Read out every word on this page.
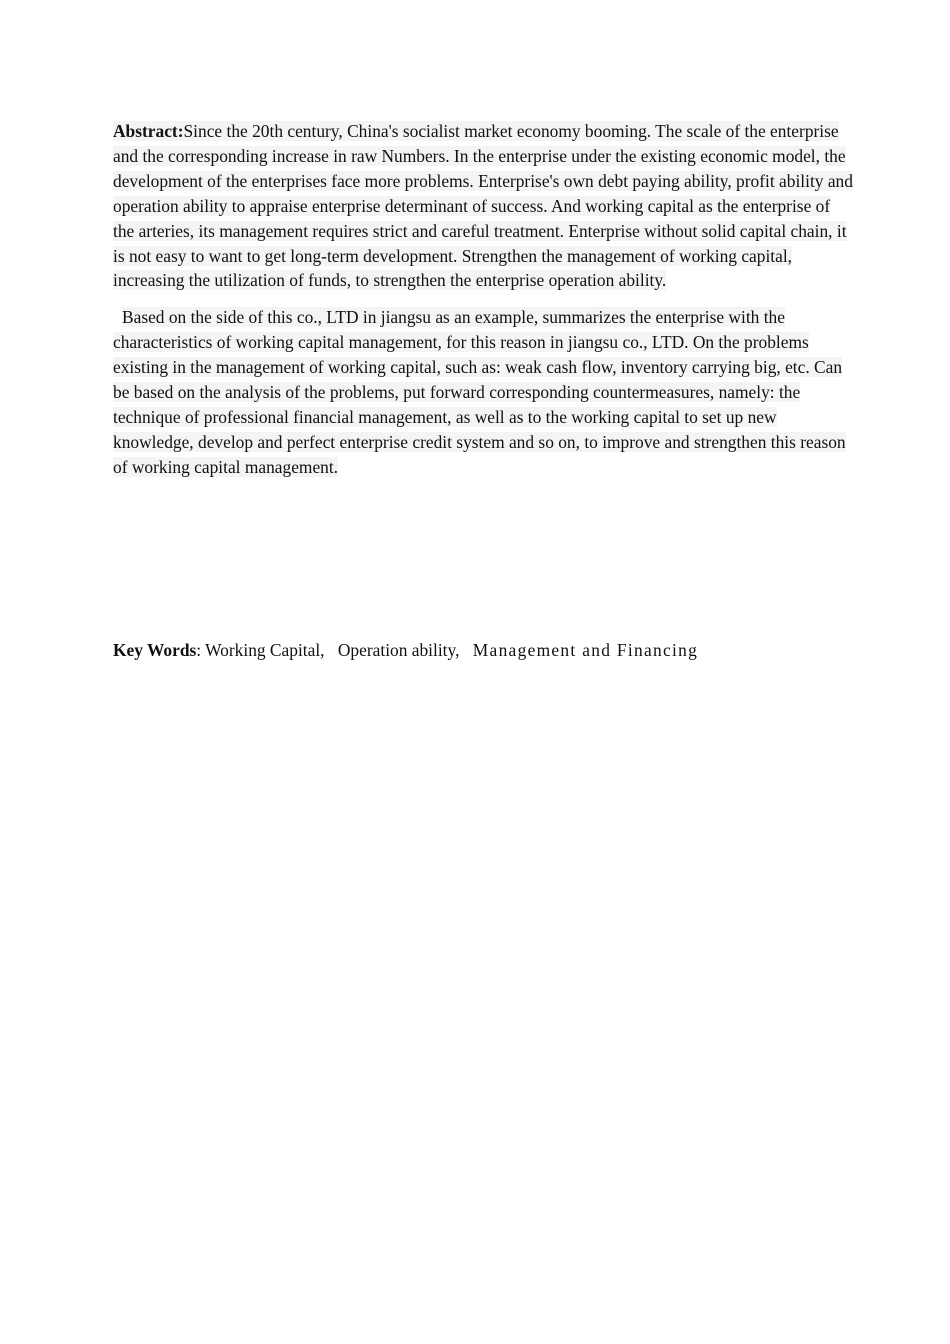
Abstract:Since the 20th century, China's socialist market economy booming. The scale of the enterprise and the corresponding increase in raw Numbers. In the enterprise under the existing economic model, the development of the enterprises face more problems. Enterprise's own debt paying ability, profit ability and operation ability to appraise enterprise determinant of success. And working capital as the enterprise of the arteries, its management requires strict and careful treatment. Enterprise without solid capital chain, it is not easy to want to get long-term development. Strengthen the management of working capital, increasing the utilization of funds, to strengthen the enterprise operation ability.

Based on the side of this co., LTD in jiangsu as an example, summarizes the enterprise with the characteristics of working capital management, for this reason in jiangsu co., LTD. On the problems existing in the management of working capital, such as: weak cash flow, inventory carrying big, etc. Can be based on the analysis of the problems, put forward corresponding countermeasures, namely: the technique of professional financial management, as well as to the working capital to set up new knowledge, develop and perfect enterprise credit system and so on, to improve and strengthen this reason of working capital management.

Key Words: Working Capital, Operation ability, Management and Financing
